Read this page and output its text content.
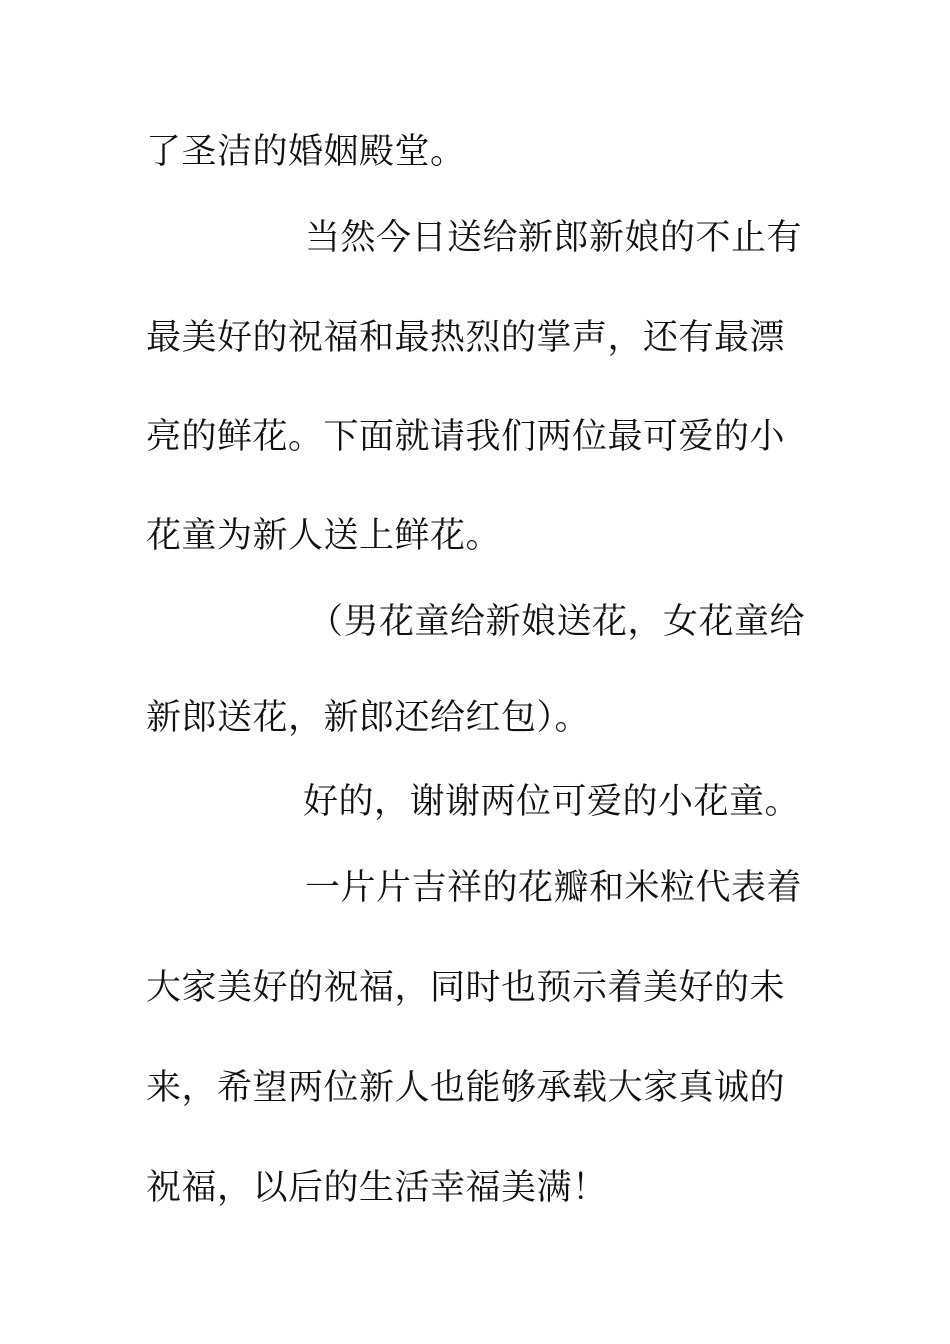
了圣洁的婚姻殿堂。
当然今日送给新郎新娘的不止有
最美好的祝福和最热烈的掌声，还有最漂
亮的鲜花。下面就请我们两位最可爱的小
花童为新人送上鲜花。
（男花童给新娘送花，女花童给
新郎送花，新郎还给红包）。
好的，谢谢两位可爱的小花童。
一片片吉祥的花瓣和米粒代表着
大家美好的祝福，同时也预示着美好的未
来，希望两位新人也能够承载大家真诚的
祝福，以后的生活幸福美满！
